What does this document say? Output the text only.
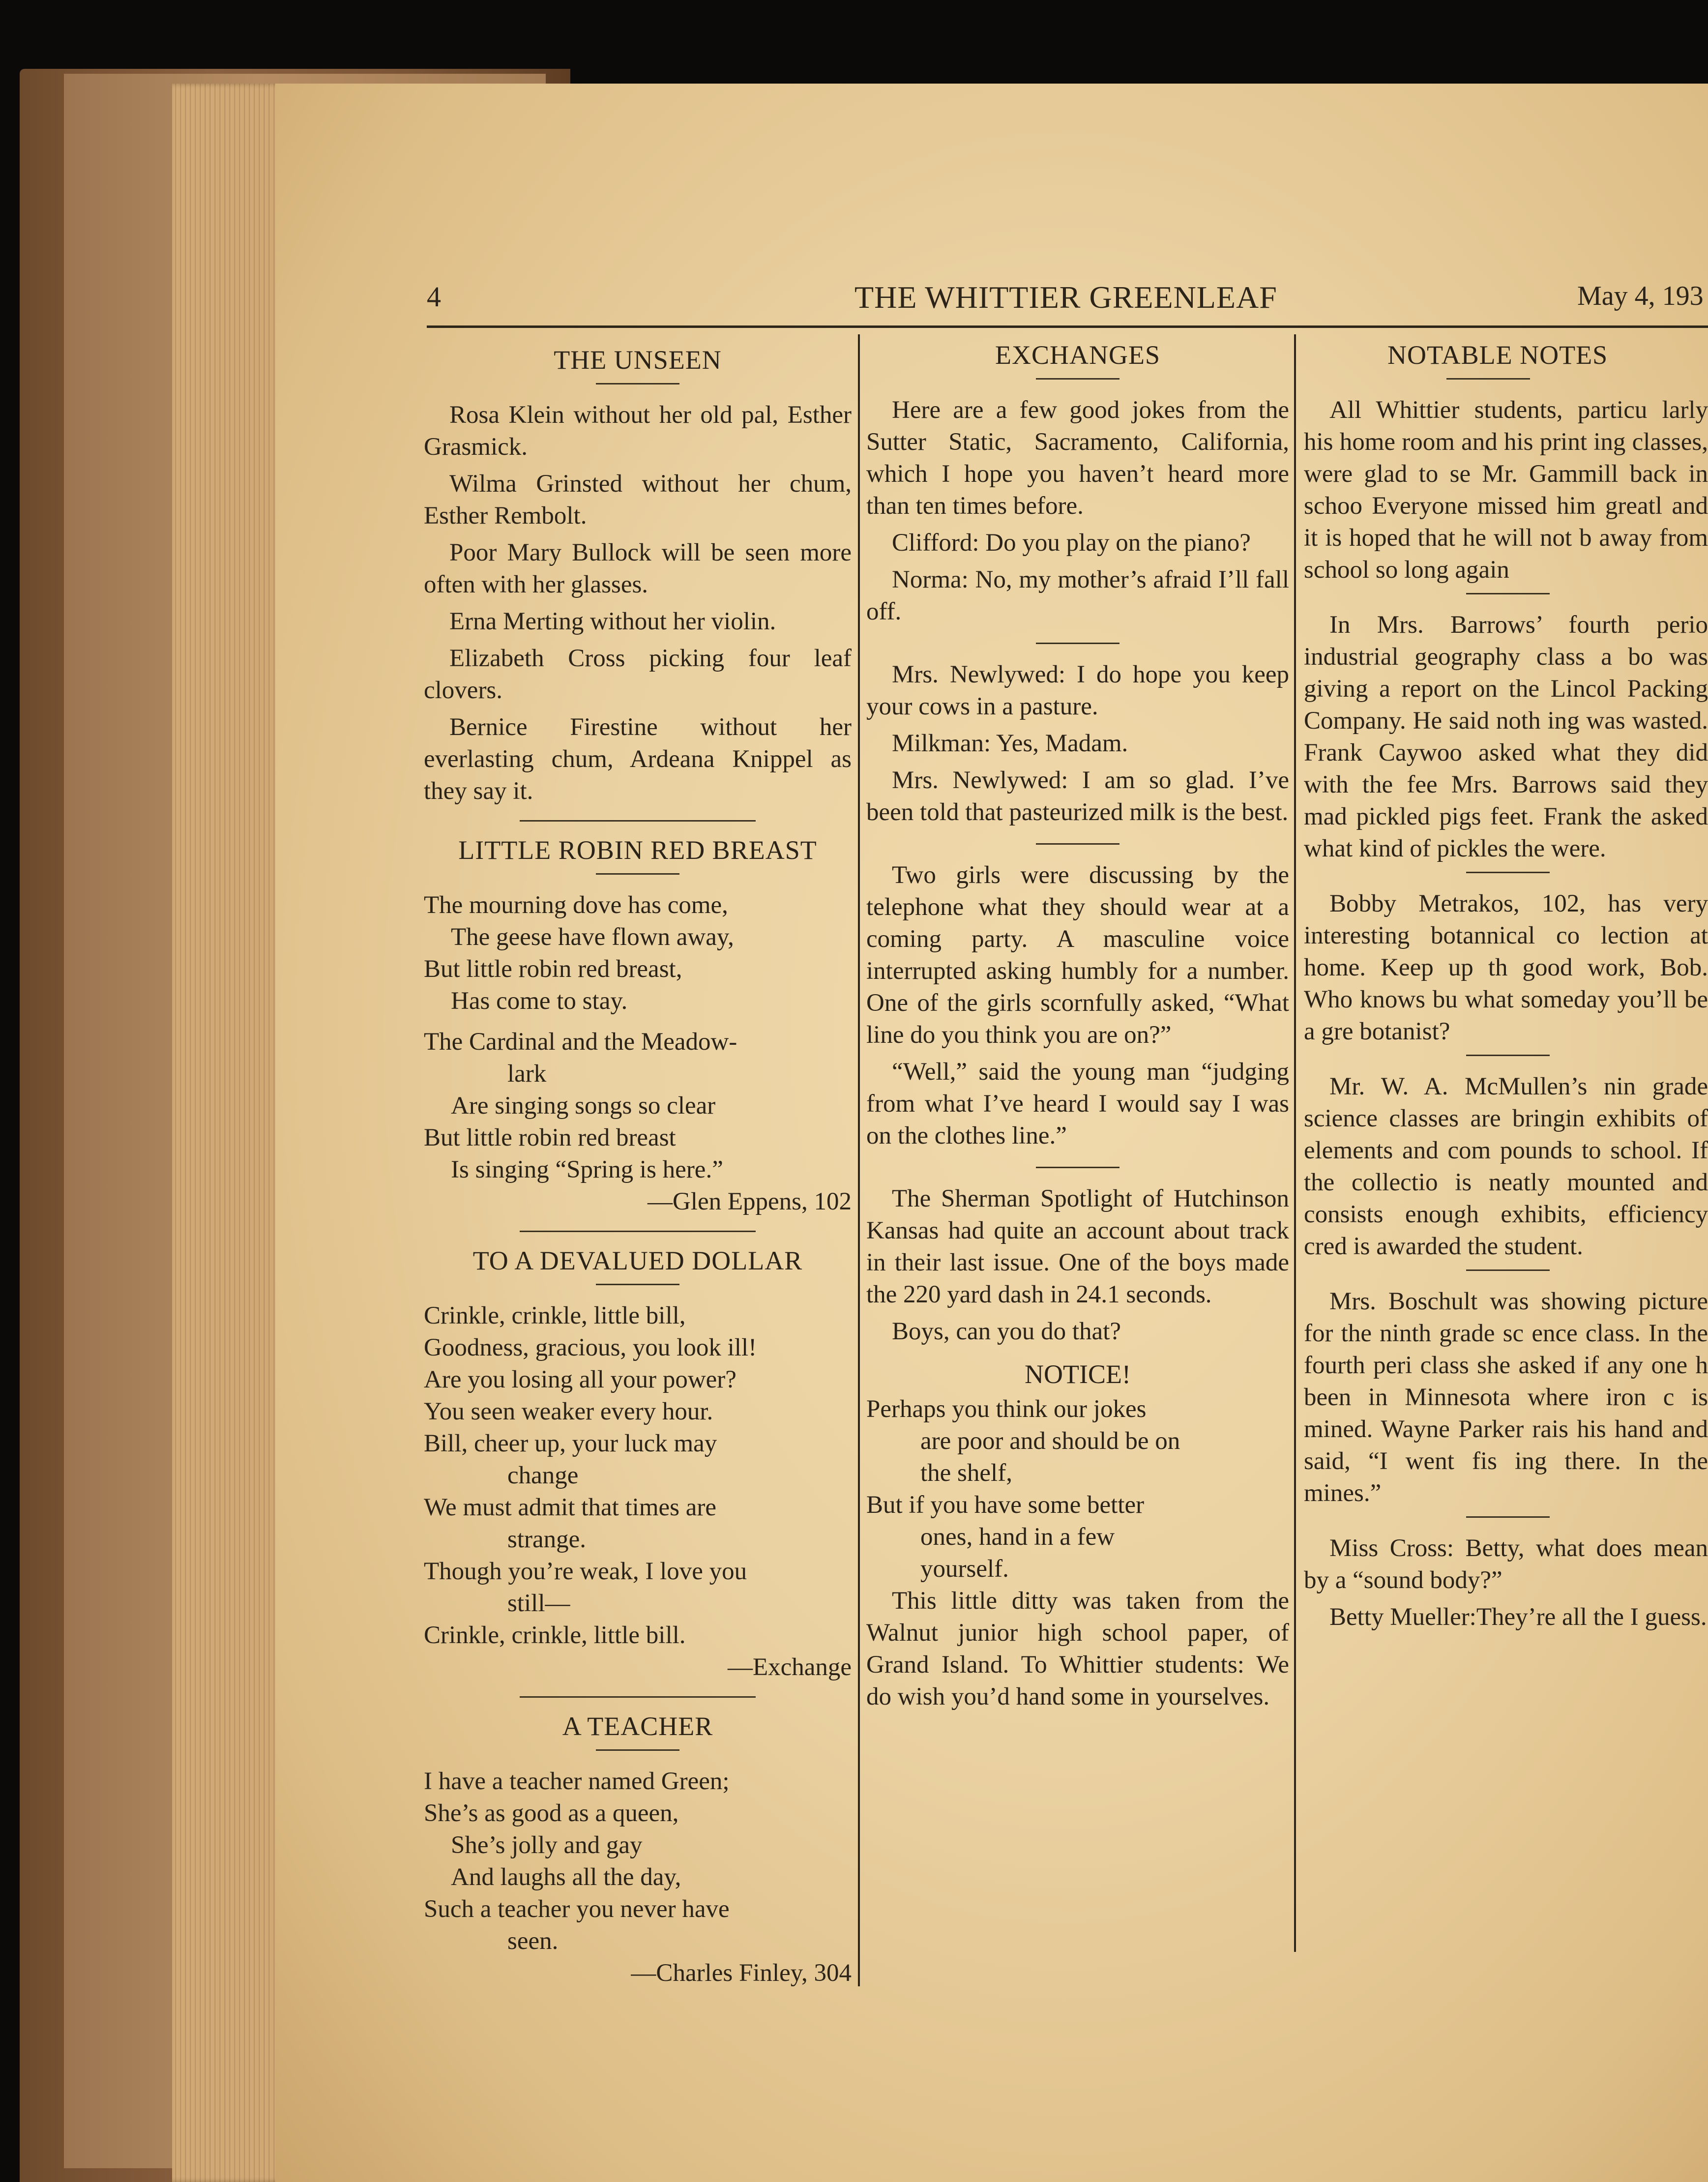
4	THE WHITTIER GREENLEAF	May 4, 193
THE UNSEEN

Rosa Klein without her old pal, Esther Grasmick.

Wilma Grinsted without her chum, Esther Rembolt.

Poor Mary Bullock will be seen more often with her glasses.

Erna Merting without her violin.

Elizabeth Cross picking four leaf clovers.

Bernice Firestine without her everlasting chum, Ardeana Knippel as they say it.

LITTLE ROBIN RED BREAST

The mourning dove has come,

The geese have flown away,

But little robin red breast,

Has come to stay.

The Cardinal and the Meadow-

lark

Are singing songs so clear

But little robin red breast

Is singing “Spring is here.”

—Glen Eppens, 102

TO A DEVALUED DOLLAR

Crinkle, crinkle, little bill,

Goodness, gracious, you look ill!

Are you losing all your power?

You seen weaker every hour.

Bill, cheer up, your luck may

change

We must admit that times are

strange.

Though you’re weak, I love you

still—

Crinkle, crinkle, little bill.

—Exchange

A TEACHER

I have a teacher named Green;

She’s as good as a queen,

She’s jolly and gay

And laughs all the day,

Such a teacher you never have

seen.

—Charles Finley, 304

EXCHANGES

Here are a few good jokes from the Sutter Static, Sacramento, California, which I hope you haven’t heard more than ten times before.

Clifford: Do you play on the piano?

Norma: No, my mother’s afraid I’ll fall off.

Mrs. Newlywed: I do hope you keep your cows in a pasture.

Milkman: Yes, Madam.

Mrs. Newlywed: I am so glad. I’ve been told that pasteurized milk is the best.

Two girls were discussing by the telephone what they should wear at a coming party. A masculine voice interrupted asking humbly for a number. One of the girls scornfully asked, “What line do you think you are on?”

“Well,” said the young man “judging from what I’ve heard I would say I was on the clothes line.”

The Sherman Spotlight of Hutchinson Kansas had quite an account about track in their last issue. One of the boys made the 220 yard dash in 24.1 seconds.

Boys, can you do that?

NOTICE!

Perhaps you think our jokes

are poor and should be on

the shelf,

But if you have some better

ones, hand in a few

yourself.

This little ditty was taken from the Walnut junior high school paper, of Grand Island. To Whittier students: We do wish you’d hand some in yourselves.

NOTABLE NOTES

All Whittier students, particu larly his home room and his print ing classes, were glad to se Mr. Gammill back in schoo Everyone missed him greatl and it is hoped that he will not b away from school so long again

In Mrs. Barrows’ fourth perio industrial geography class a bo was giving a report on the Lincol Packing Company. He said noth ing was wasted. Frank Caywoo asked what they did with the fee Mrs. Barrows said they mad pickled pigs feet. Frank the asked what kind of pickles the were.

Bobby Metrakos, 102, has very interesting botannical co lection at home. Keep up th good work, Bob. Who knows bu what someday you’ll be a gre botanist?

Mr. W. A. McMullen’s nin grade science classes are bringin exhibits of elements and com pounds to school. If the collectio is neatly mounted and consists enough exhibits, efficiency cred is awarded the student.

Mrs. Boschult was showing picture for the ninth grade sc ence class. In the fourth peri class she asked if any one h been in Minnesota where iron c is mined. Wayne Parker rais his hand and said, “I went fis ing there. In the mines.”

Miss Cross: Betty, what does mean by a “sound body?”

Betty Mueller:They’re all the I guess.
